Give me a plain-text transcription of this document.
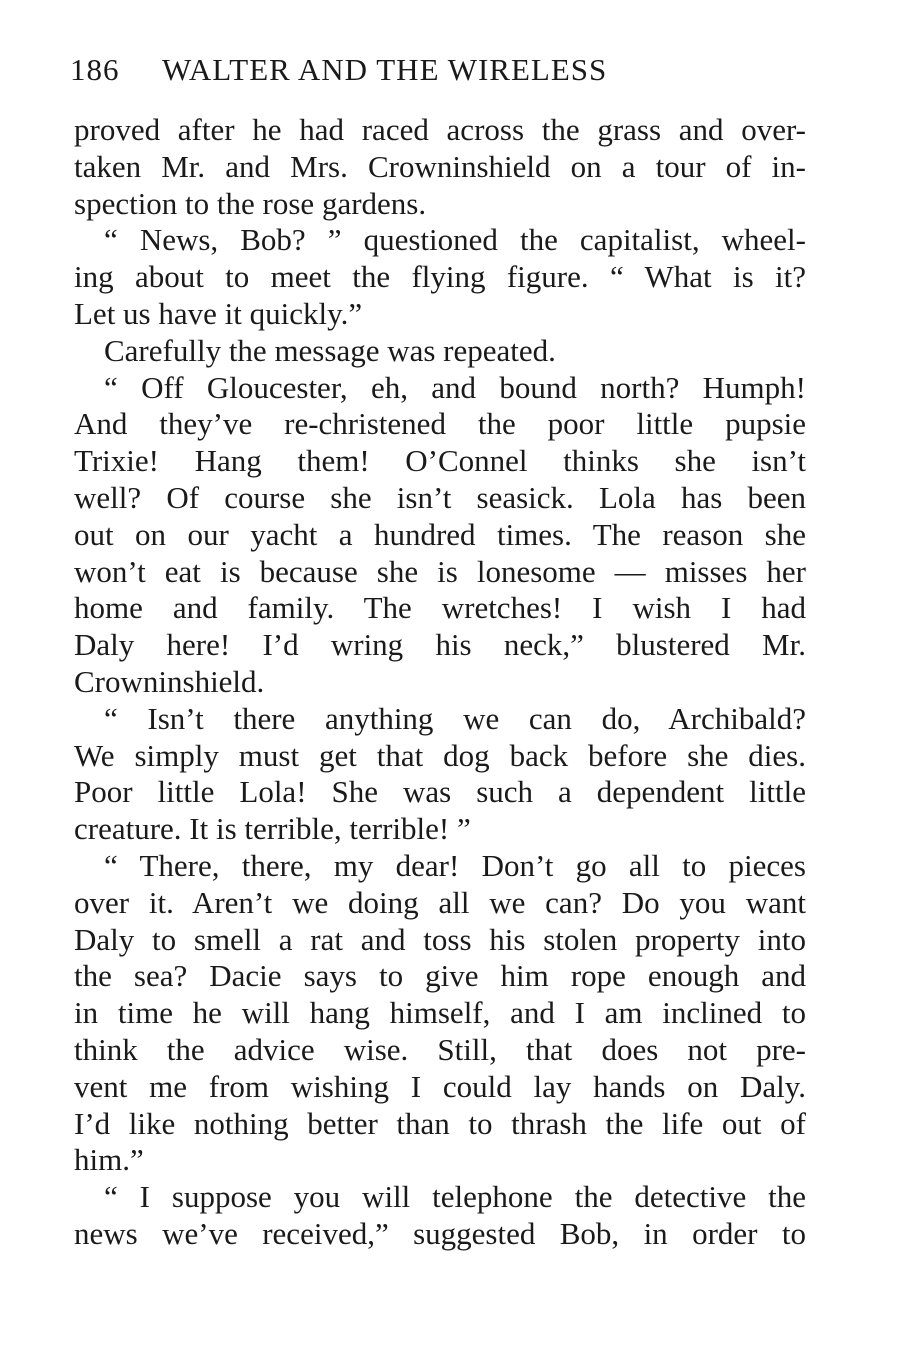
186 WALTER AND THE WIRELESS
proved after he had raced across the grass and over-
taken Mr. and Mrs. Crowninshield on a tour of in-
spection to the rose gardens.
“ News, Bob? ” questioned the capitalist, wheel-
ing about to meet the flying figure. “ What is it?
Let us have it quickly.”
Carefully the message was repeated.
“ Off Gloucester, eh, and bound north? Humph!
And they’ve re-christened the poor little pupsie
Trixie! Hang them! O’Connel thinks she isn’t
well? Of course she isn’t seasick. Lola has been
out on our yacht a hundred times. The reason she
won’t eat is because she is lonesome — misses her
home and family. The wretches! I wish I had
Daly here! I’d wring his neck,” blustered Mr.
Crowninshield.
“ Isn’t there anything we can do, Archibald?
We simply must get that dog back before she dies.
Poor little Lola! She was such a dependent little
creature. It is terrible, terrible! ”
“ There, there, my dear! Don’t go all to pieces
over it. Aren’t we doing all we can? Do you want
Daly to smell a rat and toss his stolen property into
the sea? Dacie says to give him rope enough and
in time he will hang himself, and I am inclined to
think the advice wise. Still, that does not pre-
vent me from wishing I could lay hands on Daly.
I’d like nothing better than to thrash the life out of
him.”
“ I suppose you will telephone the detective the
news we’ve received,” suggested Bob, in order to
